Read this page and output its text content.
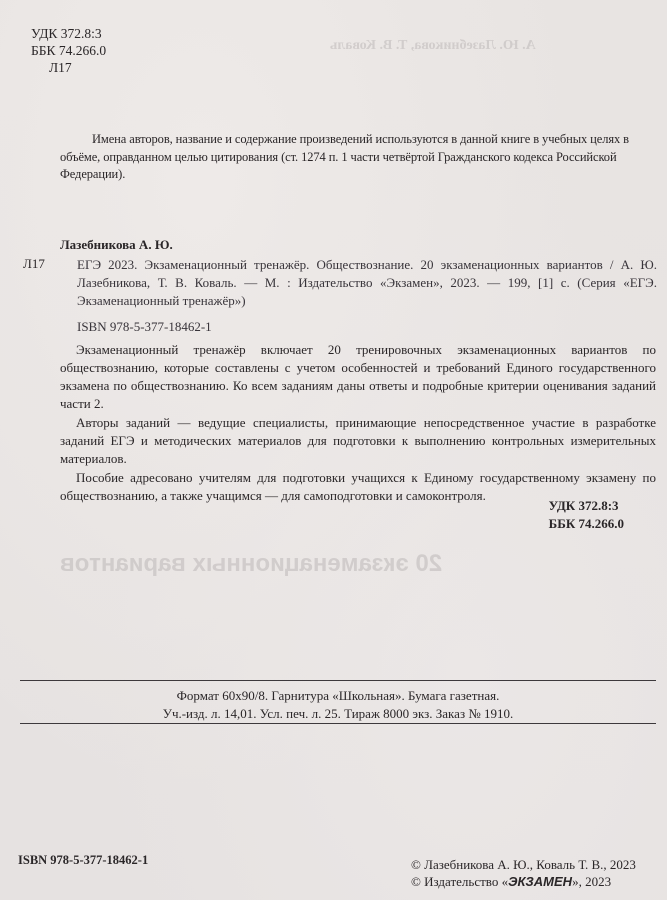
А. Ю. Лазебникова, Т. В. Коваль
20 экзаменационных вариантов
УДК 372.8:3
ББК 74.266.0
Л17
Имена авторов, название и содержание произведений используются в данной книге в учебных целях в объёме, оправданном целью цитирования (ст. 1274 п. 1 части четвёртой Гражданского кодекса Российской Федерации).
Лазебникова А. Ю.
Л17 ЕГЭ 2023. Экзаменационный тренажёр. Обществознание. 20 экзаменационных вариантов / А. Ю. Лазебникова, Т. В. Коваль. — М. : Издательство «Экзамен», 2023. — 199, [1] с. (Серия «ЕГЭ. Экзаменационный тренажёр»)
ISBN 978-5-377-18462-1

Экзаменационный тренажёр включает 20 тренировочных экзаменационных вариантов по обществознанию, которые составлены с учетом особенностей и требований Единого государственного экзамена по обществознанию. Ко всем заданиям даны ответы и подробные критерии оценивания заданий части 2.

Авторы заданий — ведущие специалисты, принимающие непосредственное участие в разработке заданий ЕГЭ и методических материалов для подготовки к выполнению контрольных измерительных материалов.

Пособие адресовано учителям для подготовки учащихся к Единому государственному экзамену по обществознанию, а также учащимся — для самоподготовки и самоконтроля.

УДК 372.8:3
ББК 74.266.0
Формат 60х90/8. Гарнитура «Школьная». Бумага газетная.
Уч.-изд. л. 14,01. Усл. печ. л. 25. Тираж 8000 экз. Заказ № 1910.
ISBN 978-5-377-18462-1	© Лазебникова А. Ю., Коваль Т. В., 2023
© Издательство «ЭКЗАМЕН», 2023
